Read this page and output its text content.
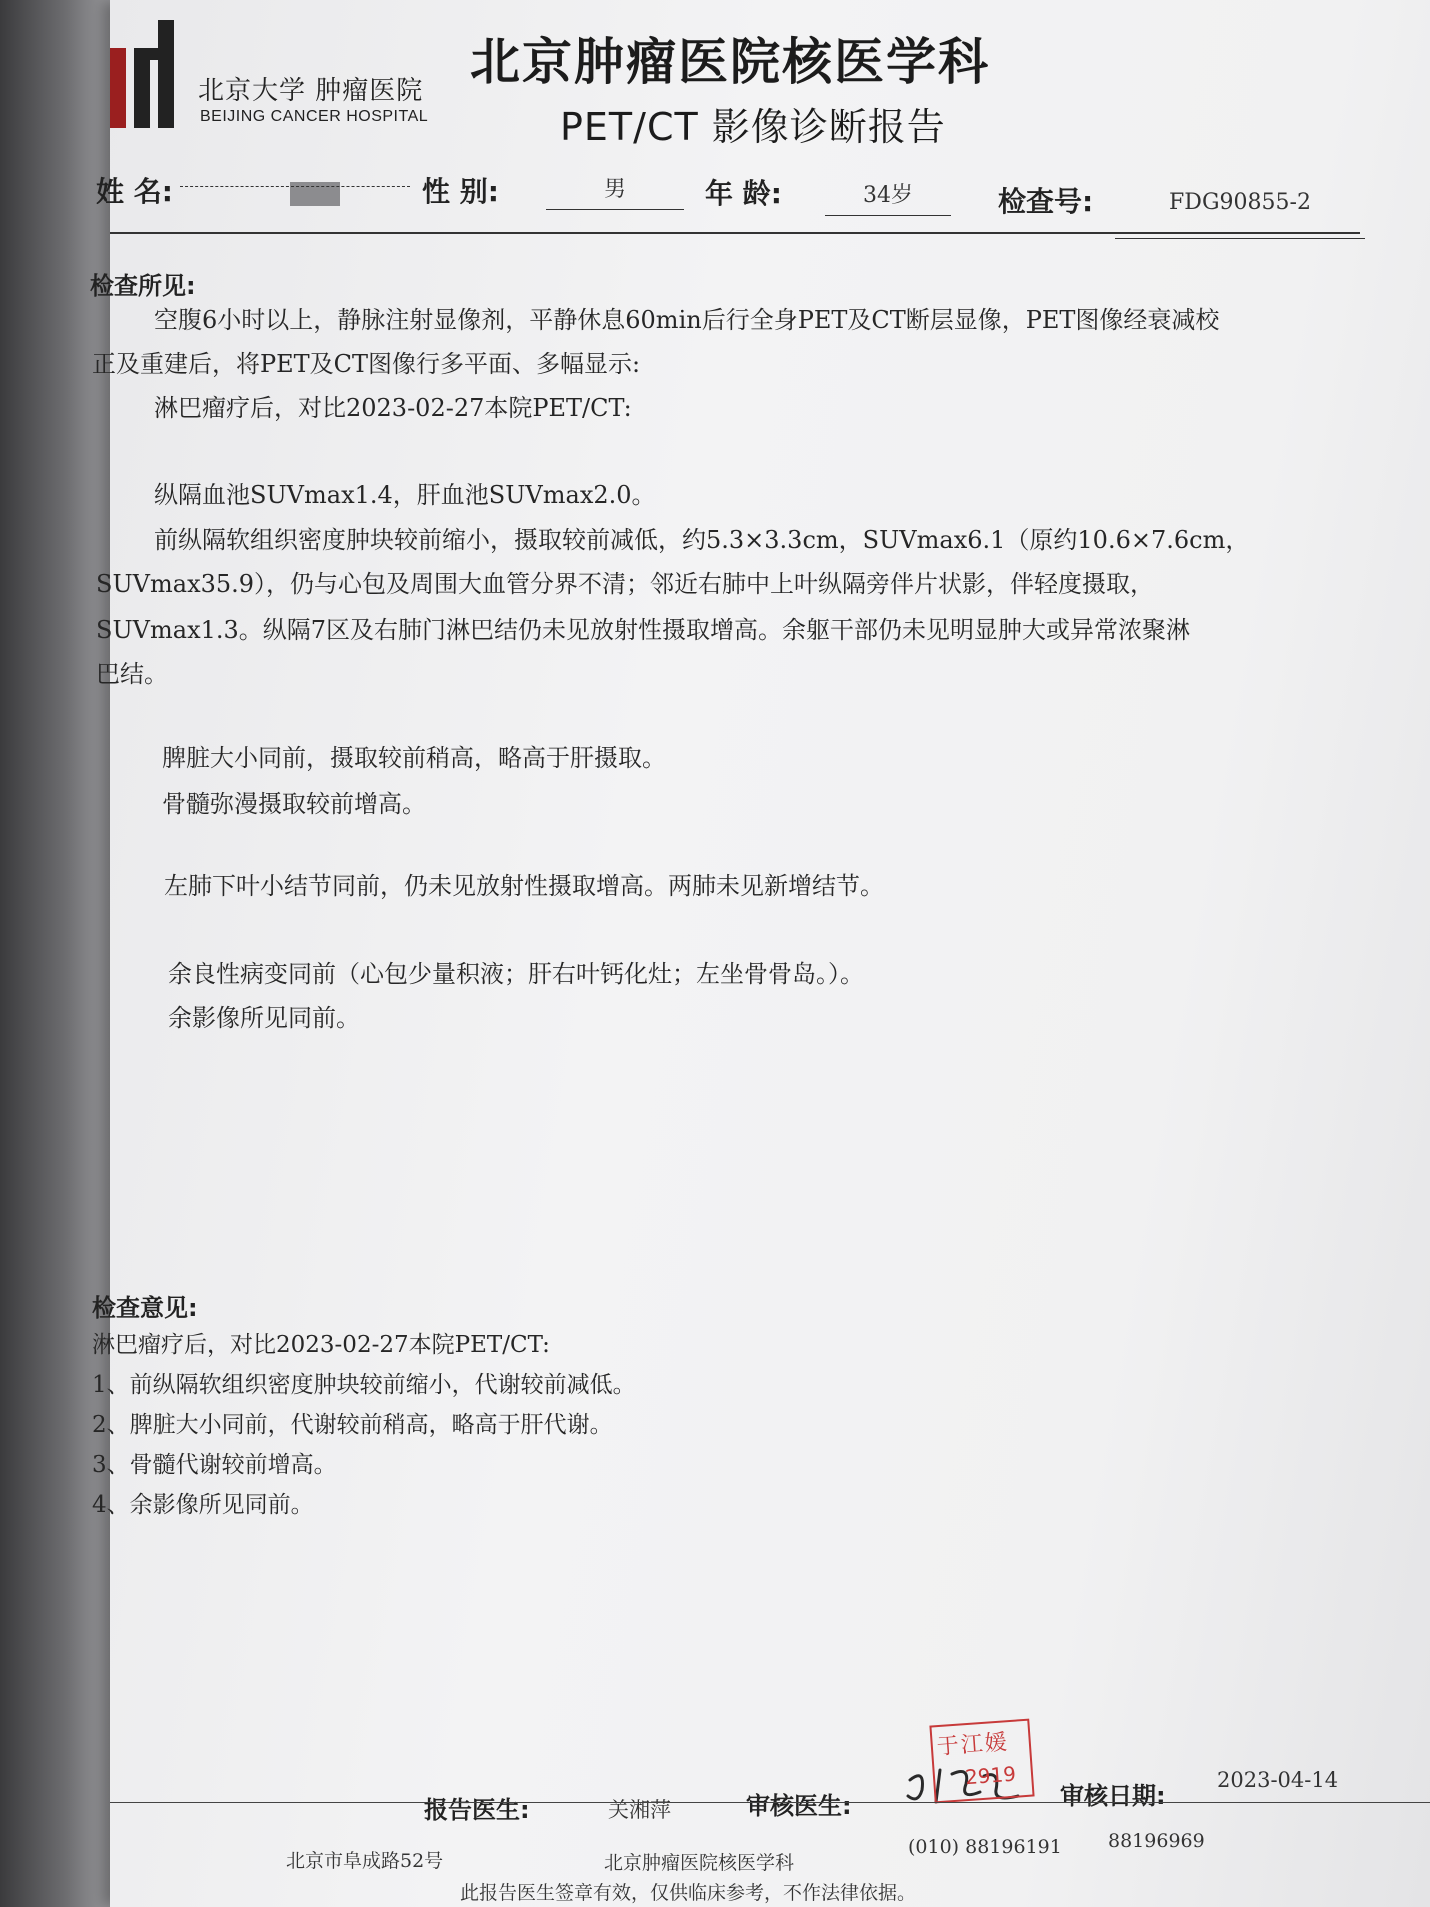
北京大学 肿瘤医院
BEIJING CANCER HOSPITAL
北京肿瘤医院核医学科
PET/CT 影像诊断报告
姓 名:	性 别:	男	年 龄:	34岁	检查号:	FDG90855-2
检查所见:
空腹6小时以上，静脉注射显像剂，平静休息60min后行全身PET及CT断层显像，PET图像经衰减校
正及重建后，将PET及CT图像行多平面、多幅显示:
淋巴瘤疗后，对比2023-02-27本院PET/CT:
纵隔血池SUVmax1.4，肝血池SUVmax2.0。
前纵隔软组织密度肿块较前缩小，摄取较前减低，约5.3×3.3cm，SUVmax6.1（原约10.6×7.6cm，
SUVmax35.9），仍与心包及周围大血管分界不清；邻近右肺中上叶纵隔旁伴片状影，伴轻度摄取，
SUVmax1.3。纵隔7区及右肺门淋巴结仍未见放射性摄取增高。余躯干部仍未见明显肿大或异常浓聚淋
巴结。
脾脏大小同前，摄取较前稍高，略高于肝摄取。
骨髓弥漫摄取较前增高。
左肺下叶小结节同前，仍未见放射性摄取增高。两肺未见新增结节。
余良性病变同前（心包少量积液；肝右叶钙化灶；左坐骨骨岛。）。
余影像所见同前。
检查意见:
淋巴瘤疗后，对比2023-02-27本院PET/CT:
1、前纵隔软组织密度肿块较前缩小，代谢较前减低。
2、脾脏大小同前，代谢较前稍高，略高于肝代谢。
3、骨髓代谢较前增高。
4、余影像所见同前。
报告医生:	关湘萍	审核医生:
于江媛
2919
审核日期:
2023-04-14
北京市阜成路52号	北京肿瘤医院核医学科
(010) 88196191 88196969
此报告医生签章有效，仅供临床参考，不作法律依据。
